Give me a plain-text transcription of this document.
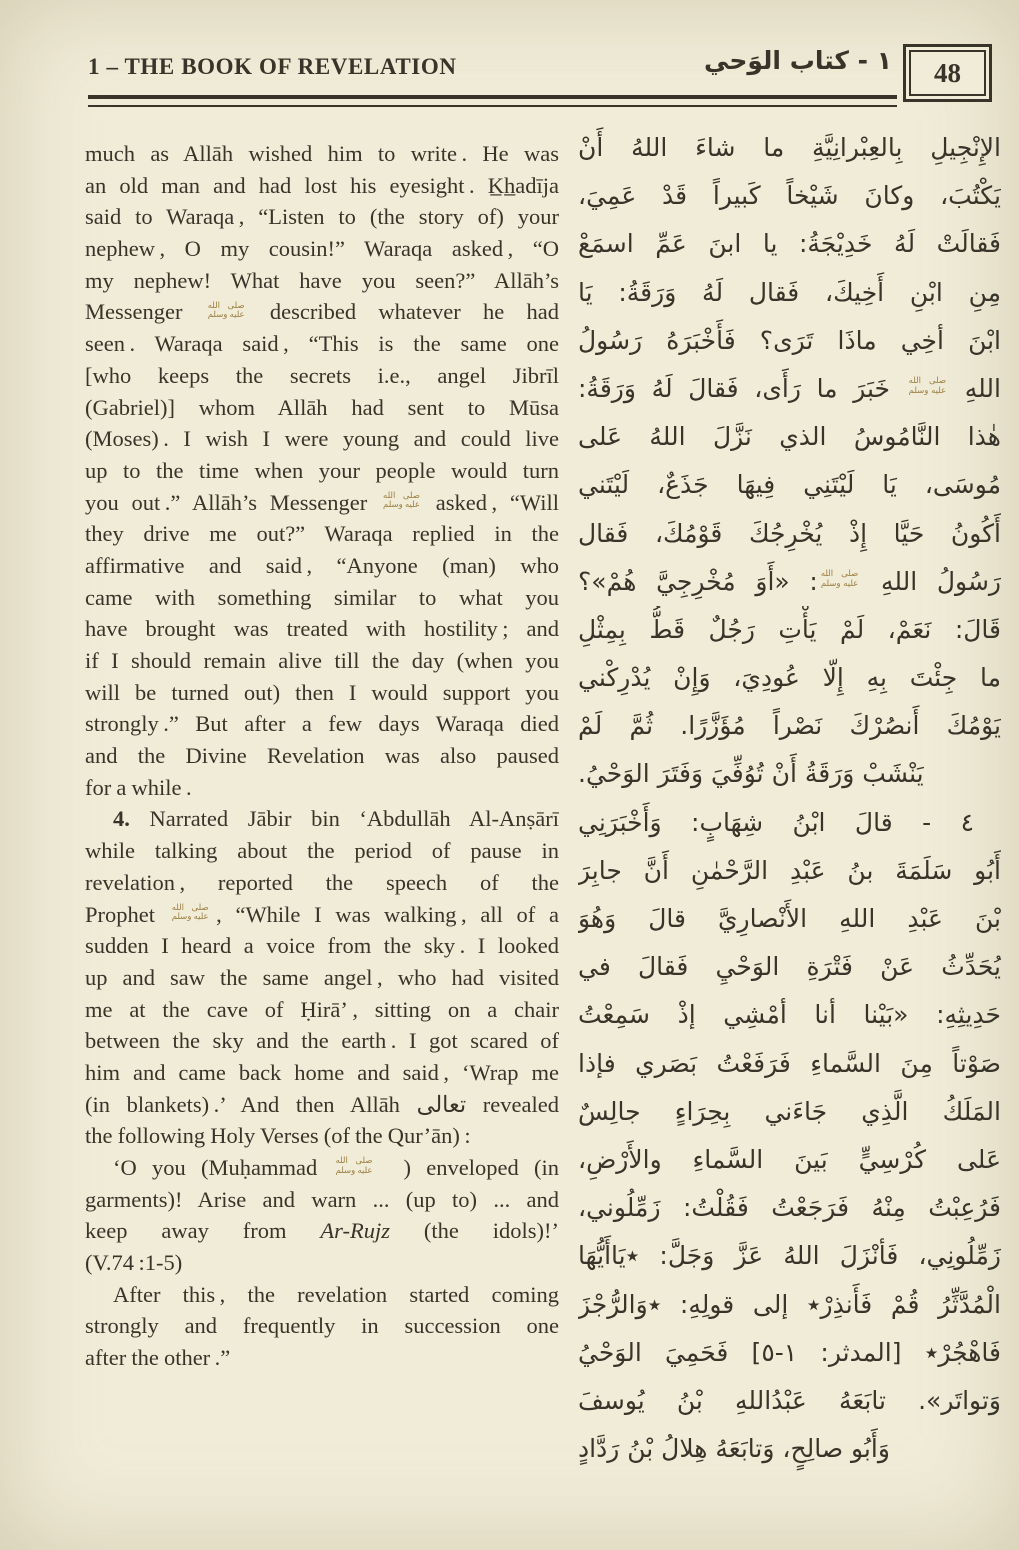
1 – THE BOOK OF REVELATION	١ - كتاب الوَحي	48
much as Allāh wished him to write . He was
an old man and had lost his eyesight . K̲h̲adīja
said to Waraqa , “Listen to (the story of) your
nephew , O my cousin!” Waraqa asked , “O
my nephew! What have you seen?” Allāh’s
Messenger صلى الله
عليه وسلم described whatever he had
seen . Waraqa said , “This is the same one
[who keeps the secrets i.e., angel Jibrīl
(Gabriel)] whom Allāh had sent to Mūsa
(Moses) . I wish I were young and could live
up to the time when your people would turn
you out .” Allāh’s Messenger صلى الله
عليه وسلم asked , “Will
they drive me out?” Waraqa replied in the
affirmative and said , “Anyone (man) who
came with something similar to what you
have brought was treated with hostility ; and
if I should remain alive till the day (when you
will be turned out) then I would support you
strongly .” But after a few days Waraqa died
and the Divine Revelation was also paused
for a while .
4. Narrated Jābir bin ‘Abdullāh Al-Anṣārī
while talking about the period of pause in
revelation , reported the speech of the
Prophet صلى الله
عليه وسلم  , “While I was walking , all of a
sudden I heard a voice from the sky . I looked
up and saw the same angel , who had visited
me at the cave of Ḥirā’ , sitting on a chair
between the sky and the earth . I got scared of
him and came back home and said , ‘Wrap me
(in blankets) .’ And then Allāh تعالى revealed
the following Holy Verses (of the Qur’ān) :
‘O you (Muḥammad صلى الله
عليه وسلم	) enveloped (in
garments)! Arise and warn ... (up to) ... and
keep away from Ar-Rujz (the idols)!’
(V.74 :1-5)
After this , the revelation started coming
strongly and frequently in succession one
after the other .”
الإِنْجِيلِ بِالعِبْرانِيَّةِ ما شاءَ اللهُ أَنْ
يَكْتُبَ، وكانَ شَيْخاً كَبيراً قَدْ عَمِيَ،
فَقالَتْ لَهُ خَدِيْجَةُ: يا ابنَ عَمِّ اسمَعْ
مِنِ ابْنِ أَخِيكَ، فَقال لَهُ وَرَقَةُ: يَا
ابْنَ أخِي ماذَا تَرَى؟ فَأَخْبَرَهُ رَسُولُ
اللهِ
صلى الله
عليه وسلم
خَبَرَ ما رَأَى، فَقالَ لَهُ وَرَقَةُ:
هٰذا النَّامُوسُ الذي نَزَّلَ اللهُ عَلى
مُوسَى، يَا لَيْتَنِي فِيهَا جَذَعٌ، لَيْتَني
أَكُونُ حَيَّا إِذْ يُخْرِجُكَ قَوْمُكَ، فَقال
رَسُولُ اللهِ
صلى الله
عليه وسلم
: «أَوَ مُخْرِجِيَّ هُمْ»؟
قَالَ: نَعَمْ، لَمْ يَأْتِ رَجُلٌ قَطُّ بِمِثْلِ
ما جِئْتَ بِهِ إِلّا عُودِيَ، وَإِنْ يُدْرِكْني
يَوْمُكَ أَنصُرْكَ نَصْراً مُؤَزَّرًا. ثُمَّ لَمْ
يَنْشَبْ وَرَقَةُ أَنْ تُوُفِّيَ وَفَتَرَ الوَحْيُ.
٤ - قالَ ابْنُ شِهَابٍ: وَأَخْبَرَنِي
أَبُو سَلَمَةَ بنُ عَبْدِ الرَّحْمٰنِ أَنَّ جابِرَ
بْنَ عَبْدِ اللهِ الأَنْصارِيَّ قالَ وَهُوَ
يُحَدِّثُ عَنْ فَتْرَةِ الوَحْيِ فَقالَ في
حَدِيثِهِ: «بَيْنا أنا أمْشِي إذْ سَمِعْتُ
صَوْتاً مِنَ السَّماءِ فَرَفَعْتُ بَصَري فإذا
المَلَكُ الَّذِي جَاءَني بِحِرَاءٍ جالِسٌ
عَلى كُرْسِيٍّ بَينَ السَّماءِ والأَرْضِ،
فَرُعِبْتُ مِنْهُ فَرَجَعْتُ فَقُلْتُ: زَمِّلُوني،
زَمِّلُونِي، فَأنْزَلَ اللهُ عَزَّ وَجَلَّ: ٭يَاأَيُّهَا
الْمُدَّثِّرُ قُمْ فَأَنذِرْ٭ إلى قولِهِ: ٭وَالرُّجْزَ
فَاهْجُرْ٭ [المدثر: ١-٥] فَحَمِيَ الوَحْيُ
وَتواتَر». تابَعَهُ عَبْدُاللهِ بْنُ يُوسفَ
وَأَبُو صالِحٍ، وَتابَعَهُ هِلالُ بْنُ رَدَّادٍ
